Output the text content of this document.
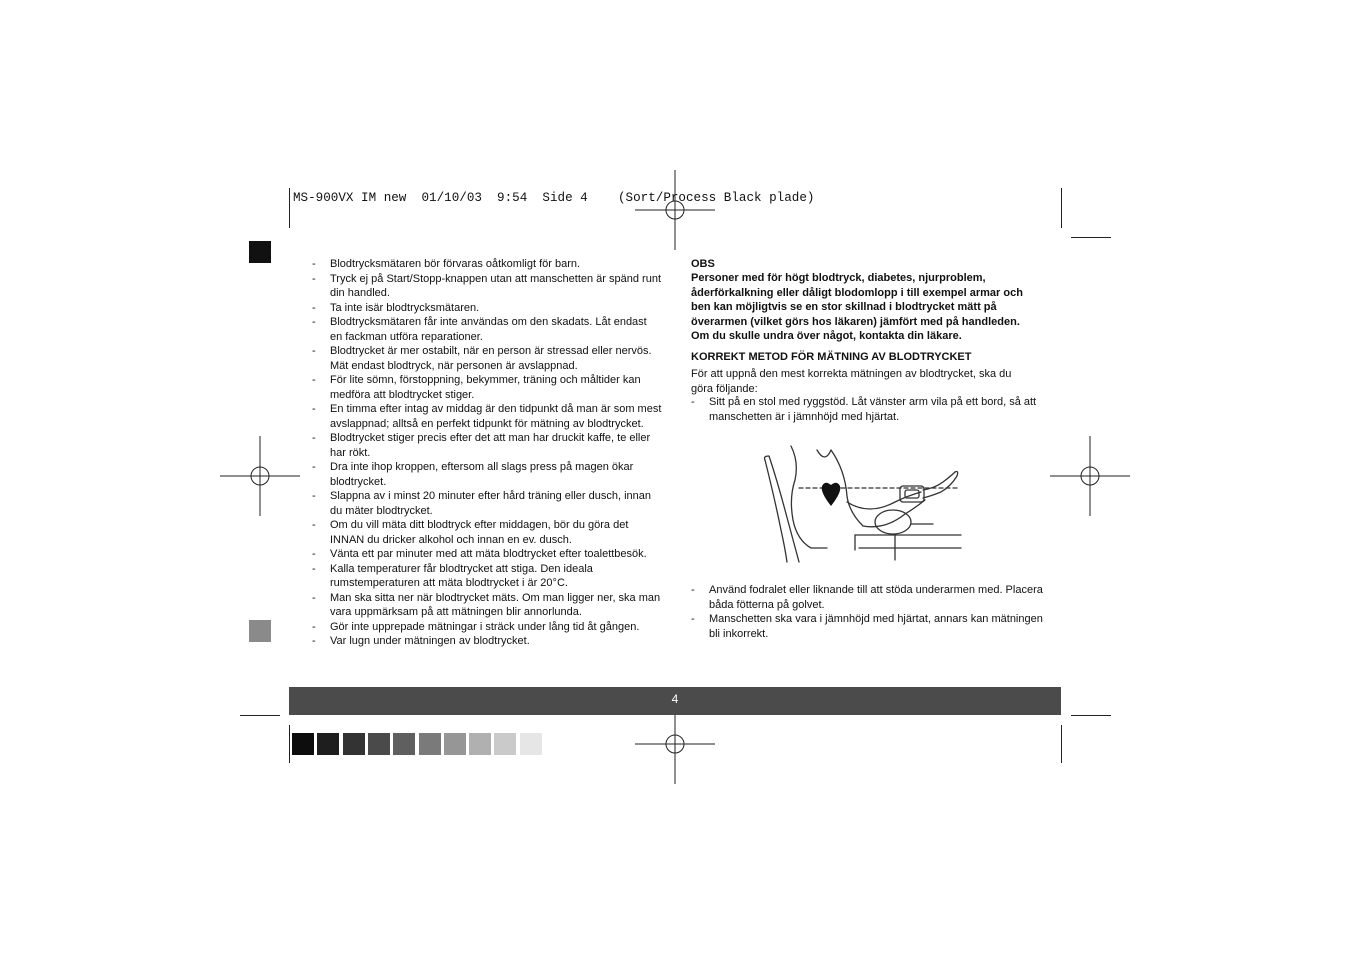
MS-900VX IM new  01/10/03  9:54  Side 4    (Sort/Process Black plade)
- Blodtrycksmätaren bör förvaras oåtkomligt för barn.
- Tryck ej på Start/Stopp-knappen utan att manschetten är spänd runt din handled.
- Ta inte isär blodtrycksmätaren.
- Blodtrycksmätaren får inte användas om den skadats. Låt endast en fackman utföra reparationer.
- Blodtrycket är mer ostabilt, när en person är stressad eller nervös. Mät endast blodtryck, när personen är avslappnad.
- För lite sömn, förstoppning, bekymmer, träning och måltider kan medföra att blodtrycket stiger.
- En timma efter intag av middag är den tidpunkt då man är som mest avslappnad; alltså en perfekt tidpunkt för mätning av blodtrycket.
- Blodtrycket stiger precis efter det att man har druckit kaffe, te eller har rökt.
- Dra inte ihop kroppen, eftersom all slags press på magen ökar blodtrycket.
- Slappna av i minst 20 minuter efter hård träning eller dusch, innan du mäter blodtrycket.
- Om du vill mäta ditt blodtryck efter middagen, bör du göra det INNAN du dricker alkohol och innan en ev. dusch.
- Vänta ett par minuter med att mäta blodtrycket efter toalettbesök.
- Kalla temperaturer får blodtrycket att stiga. Den ideala rumstemperaturen att mäta blodtrycket i är 20°C.
- Man ska sitta ner när blodtrycket mäts. Om man ligger ner, ska man vara uppmärksam på att mätningen blir annorlunda.
- Gör inte upprepade mätningar i sträck under lång tid åt gången.
- Var lugn under mätningen av blodtrycket.
OBS

Personer med för högt blodtryck, diabetes, njurproblem, åderförkalkning eller dåligt blodomlopp i till exempel armar och ben kan möjligtvis se en stor skillnad i blodtrycket mätt på överarmen (vilket görs hos läkaren) jämfört med på handleden. Om du skulle undra över något, kontakta din läkare.

KORREKT METOD FÖR MÄTNING AV BLODTRYCKET

För att uppnå den mest korrekta mätningen av blodtrycket, ska du göra följande:

- Sitt på en stol med ryggstöd. Låt vänster arm vila på ett bord, så att manschetten är i jämnhöjd med hjärtat.
- Använd fodralet eller liknande till att stöda underarmen med. Placera båda fötterna på golvet.
- Manschetten ska vara i jämnhöjd med hjärtat, annars kan mätningen bli inkorrekt.
4
